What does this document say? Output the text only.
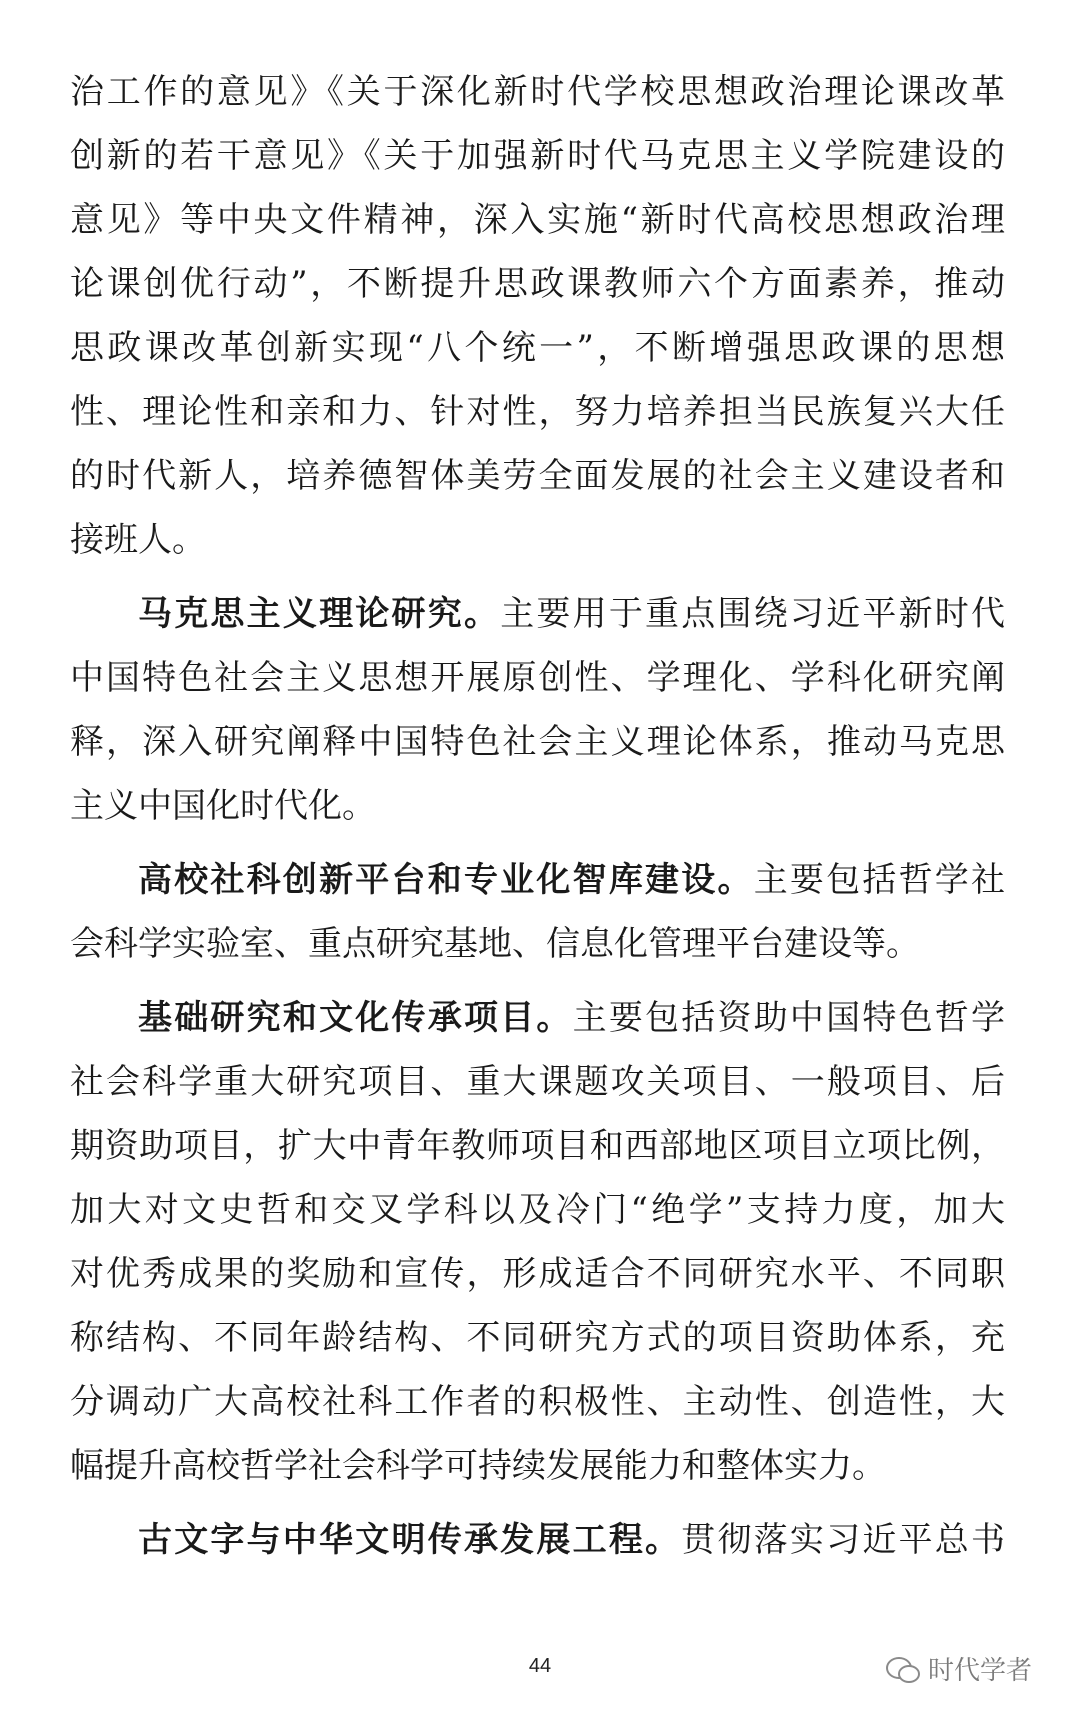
治工作的意见》《关于深化新时代学校思想政治理论课改革
创新的若干意见》《关于加强新时代马克思主义学院建设的
意见》等中央文件精神，深入实施“新时代高校思想政治理
论课创优行动”，不断提升思政课教师六个方面素养，推动
思政课改革创新实现“八个统一”，不断增强思政课的思想
性、理论性和亲和力、针对性，努力培养担当民族复兴大任
的时代新人，培养德智体美劳全面发展的社会主义建设者和
接班人。
马克思主义理论研究。主要用于重点围绕习近平新时代
中国特色社会主义思想开展原创性、学理化、学科化研究阐
释，深入研究阐释中国特色社会主义理论体系，推动马克思
主义中国化时代化。
高校社科创新平台和专业化智库建设。主要包括哲学社
会科学实验室、重点研究基地、信息化管理平台建设等。
基础研究和文化传承项目。主要包括资助中国特色哲学
社会科学重大研究项目、重大课题攻关项目、一般项目、后
期资助项目，扩大中青年教师项目和西部地区项目立项比例，
加大对文史哲和交叉学科以及冷门“绝学”支持力度，加大
对优秀成果的奖励和宣传，形成适合不同研究水平、不同职
称结构、不同年龄结构、不同研究方式的项目资助体系，充
分调动广大高校社科工作者的积极性、主动性、创造性，大
幅提升高校哲学社会科学可持续发展能力和整体实力。
古文字与中华文明传承发展工程。贯彻落实习近平总书
44	时代学者
